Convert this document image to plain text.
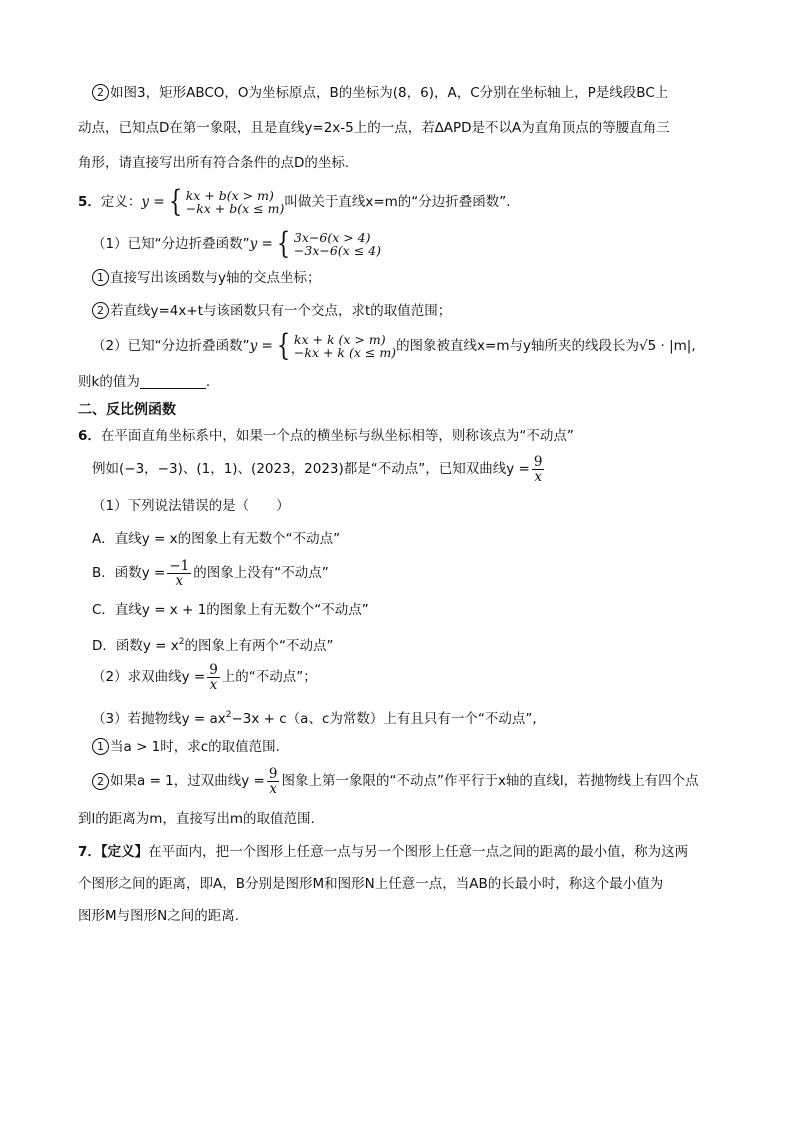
2 如图3，矩形ABCO，O为坐标原点，B的坐标为(8，6)，A，C分别在坐标轴上，P是线段BC上
动点，已知点D在第一象限，且是直线y=2x-5上的一点，若∆APD是不以A为直角顶点的等腰直角三
角形，请直接写出所有符合条件的点D的坐标.
5． 定义： y = { kx + b(x > m)
−kx + b(x ≤ m) 叫做关于直线x=m的“分边折叠函数”.
（1）已知“分边折叠函数” y = { 3x−6(x > 4)
−3x−6(x ≤ 4)
1 直接写出该函数与y轴的交点坐标；
2 若直线y=4x+t与该函数只有一个交点，求t的取值范围；
（2）已知“分边折叠函数” y = { kx + k (x > m)
−kx + k (x ≤ m) 的图象被直线x=m与y轴所夹的线段长为√5 · |m|,
则k的值为	.
二、反比例函数
6．在平面直角坐标系中，如果一个点的横坐标与纵坐标相等，则称该点为“不动点”
例如(−3，−3)、(1，1)、(2023，2023)都是“不动点”，已知双曲线$y = \frac{9}{x}$
（1）下列说法错误的是（　　）
A．直线y = x的图象上有无数个“不动点”
B．函数$y = \frac{-1}{x}$ 的图象上没有“不动点”
C．直线y = x + 1的图象上有无数个“不动点”
D．函数$y = x^2$的图象上有两个“不动点”
（2）求双曲线$y = \frac{9}{x}$ 上的“不动点”；
（3）若抛物线$y = ax^2-3x + c(a$、c为常数）上有且只有一个“不动点”,
1 当a > 1时，求c的取值范围.
2 如果a = 1，过双曲线$y = \frac{9}{x}$ 图象上第一象限的“不动点”作平行于x轴的直线l，若抛物线上有四个点
到l的距离为m，直接写出m的取值范围.
7．【定义】在平面内，把一个图形上任意一点与另一个图形上任意一点之间的距离的最小值，称为这两
个图形之间的距离，即A，B分别是图形M和图形N上任意一点，当AB的长最小时，称这个最小值为
图形M与图形N之间的距离.
